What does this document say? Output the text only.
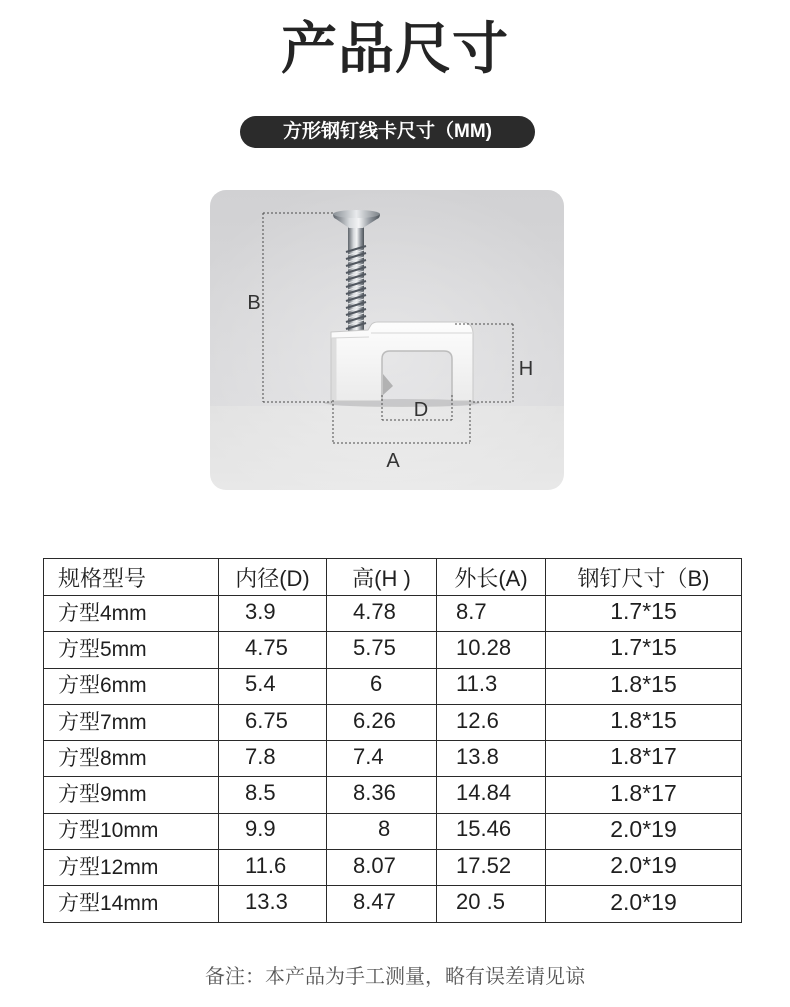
产品尺寸
方形钢钉线卡尺寸（MM)
B
H
D
A
规格型号	内径(D)	高(H )	外长(A)	钢钉尺寸（B)
方型4mm	3.9	4.78	8.7	1.7*15
方型5mm	4.75	5.75	10.28	1.7*15
方型6mm	5.4	6	11.3	1.8*15
方型7mm	6.75	6.26	12.6	1.8*15
方型8mm	7.8	7.4	13.8	1.8*17
方型9mm	8.5	8.36	14.84	1.8*17
方型10mm	9.9	8	15.46	2.0*19
方型12mm	11.6	8.07	17.52	2.0*19
方型14mm	13.3	8.47	20 .5	2.0*19
备注：本产品为手工测量，略有误差请见谅
